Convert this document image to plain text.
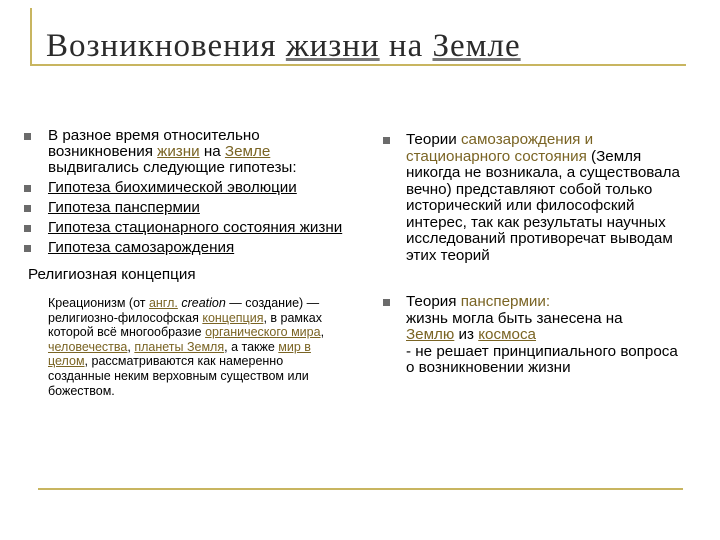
Возникновения жизни на Земле
В разное время относительно возникновения жизни на Земле выдвигались следующие гипотезы:
Гипотеза биохимической эволюции
Гипотеза панспермии
Гипотеза стационарного состояния жизни
Гипотеза самозарождения
Религиозная концепция
Креационизм (от англ. creation — создание) — религиозно-философская концепция, в рамках которой всё многообразие органического мира, человечества, планеты Земля, а также мир в целом, рассматриваются как намеренно созданные неким верховным существом или божеством.

Теории самозарождения и стационарного состояния (Земля никогда не возникала, а существовала вечно) представляют собой только исторический или философский интерес, так как результаты научных исследований противоречат выводам этих теорий

Теория панспермии:

жизнь могла быть занесена на

Землю из космоса

- не решает принципиального вопроса о возникновении жизни
